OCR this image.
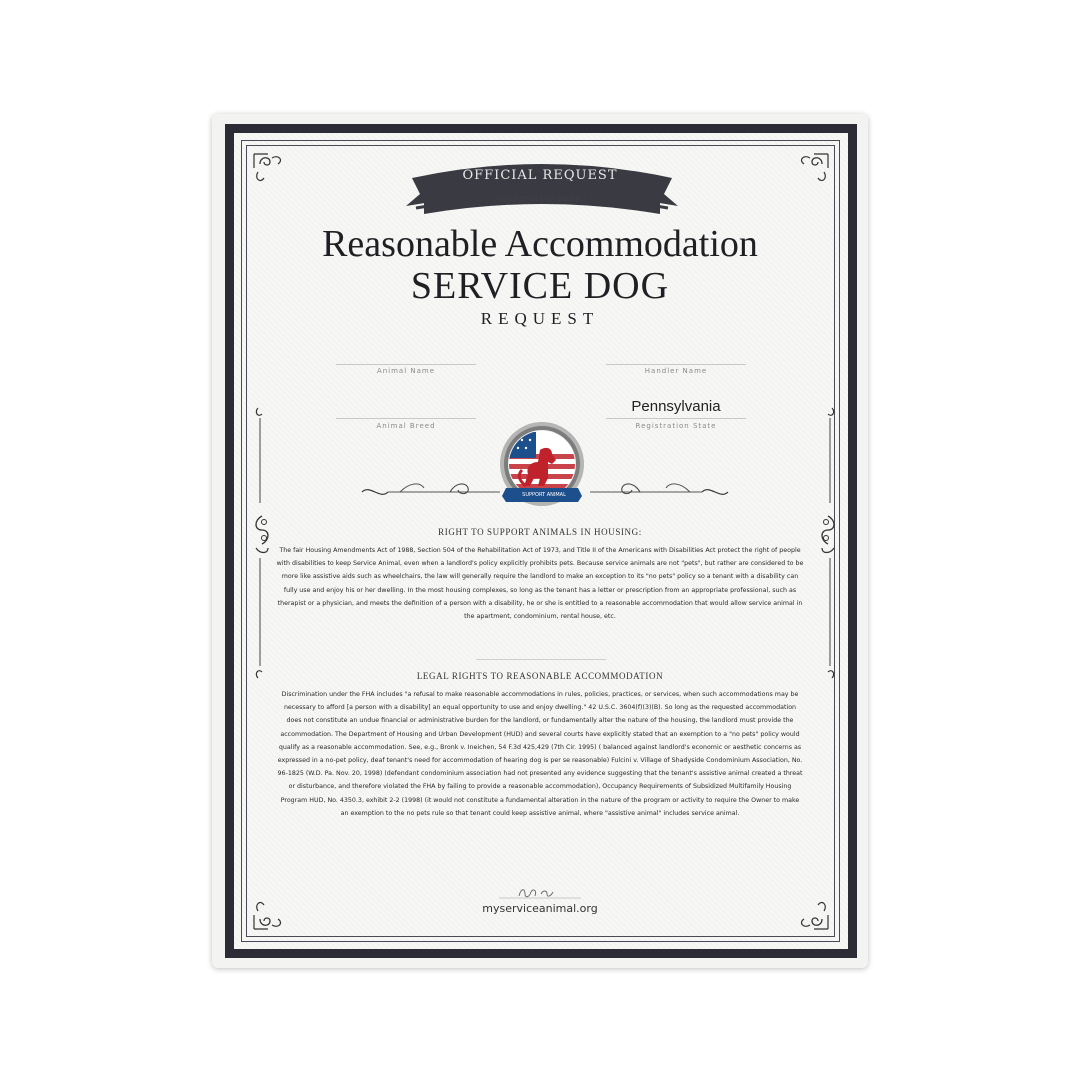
OFFICIAL REQUEST
UNITED STATES OF AMERICA
Reasonable Accommodation
SERVICE DOG
REQUEST
Animal Name	Handler Name
Animal Breed
Pennsylvania
Registration State
SUPPORT ANIMAL
RIGHT TO SUPPORT ANIMALS IN HOUSING:
The fair Housing Amendments Act of 1988, Section 504 of the Rehabilitation Act of 1973, and Title II of the Americans with Disabilities Act protect the right of people with disabilities to keep Service Animal, even when a landlord's policy explicitly prohibits pets. Because service animals are not "pets", but rather are considered to be more like assistive aids such as wheelchairs, the law will generally require the landlord to make an exception to its "no pets" policy so a tenant with a disability can fully use and enjoy his or her dwelling. In the most housing complexes, so long as the tenant has a letter or prescription from an appropriate professional, such as therapist or a physician, and meets the definition of a person with a disability, he or she is entitled to a reasonable accommodation that would allow service animal in the apartment, condominium, rental house, etc.
LEGAL RIGHTS TO REASONABLE ACCOMMODATION
Discrimination under the FHA includes "a refusal to make reasonable accommodations in rules, policies, practices, or services, when such accommodations may be necessary to afford [a person with a disability] an equal opportunity to use and enjoy dwelling." 42 U.S.C. 3604(f)(3)(B). So long as the requested accommodation does not constitute an undue financial or administrative burden for the landlord, or fundamentally alter the nature of the housing, the landlord must provide the accommodation. The Department of Housing and Urban Development (HUD) and several courts have explicitly stated that an exemption to a "no pets" policy would qualify as a reasonable accommodation. See, e.g., Bronk v. Ineichen, 54 F.3d 425,429 (7th Cir. 1995) ( balanced against landlord's economic or aesthetic concerns as expressed in a no-pet policy, deaf tenant's need for accommodation of hearing dog is per se reasonable) Fulcini v. Village of Shadyside Condominium Association, No. 96-1825 (W.D. Pa. Nov. 20, 1998) (defendant condominium association had not presented any evidence suggesting that the tenant's assistive animal created a threat or disturbance, and therefore violated the FHA by failing to provide a reasonable accommodation), Occupancy Requirements of Subsidized Multifamily Housing Program HUD, No. 4350.3, exhibit 2-2 (1998) (it would not constitute a fundamental alteration in the nature of the program or activity to require the Owner to make an exemption to the no pets rule so that tenant could keep assistive animal, where "assistive animal" includes service animal.
myserviceanimal.org
